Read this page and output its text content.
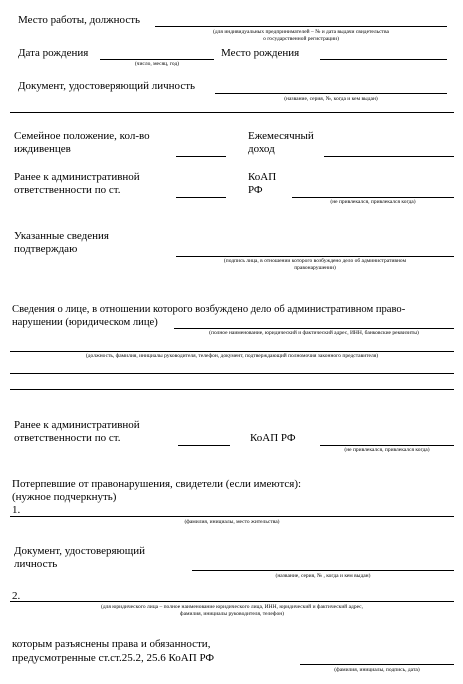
Место работы, должность
(для индивидуальных предпринимателей – № и дата выдачи свидетельства
о государственной регистрации)
Дата рождения
(число, месяц, год)
Место рождения
Документ, удостоверяющий личность
(название, серия, №, когда и кем выдан)
Семейное положение, кол-во
иждивенцев
Ежемесячный
доход
Ранее к административной
ответственности по ст.
КоАП
РФ
(не привлекался, привлекался когда)
Указанные сведения
подтверждаю
(подпись лица, в отношении которого возбуждено дело об административном
правонарушении)
Сведения о лице, в отношении которого возбуждено дело об административном право-
нарушении (юридическом лице)
(полное наименование, юридический и фактический адрес, ИНН, банковские реквизиты)
(должность, фамилия, инициалы руководителя, телефон, документ, подтверждающий полномочия законного представителя)
Ранее к административной
ответственности по ст.	КоАП РФ
(не привлекался, привлекался когда)
Потерпевшие от правонарушения, свидетели (если имеются):
(нужное подчеркнуть)
1.
(фамилия, инициалы, место жительства)
Документ, удостоверяющий
личность
(название, серия, № , когда и кем выдан)
2.
(для юридического лица – полное наименование юридического лица, ИНН, юридический и фактический адрес,
фамилия, инициалы руководителя, телефон)
которым разъяснены права и обязанности,
предусмотренные ст.ст.25.2, 25.6 КоАП РФ
(фамилия, инициалы, подпись, дата)
